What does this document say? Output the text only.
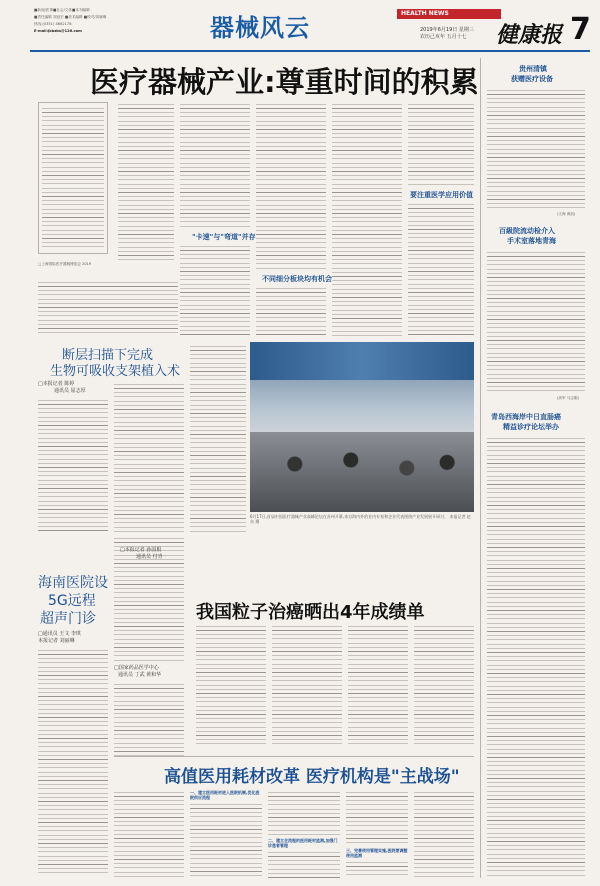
■新闻/医事■社会/文体■本刊编辑
■责任编辑 刘冠宏 ■美术编辑 ■校对/刘晓琳
热线:(0351) 4662178
E-mail:jkbzbs@126.com	器械风云	HEALTH NEWS
健康报 7
2019年6月19日 星期三
农历己亥年 五月十七
医疗器械产业:尊重时间的积累
□上海国际医疗器械博览会 2019
"卡速"与"弯道"并存
不同细分板块均有机会
要注重医学应用价值
贵州清镇
获赠医疗设备
(文海 黄凯)
百級院流动检介入
手术室落地青海
(高军 马志刚)
青岛西海岸中日直肠癌
精益诊疗论坛举办
断层扫描下完成
生物可吸收支架植入术
□本报记者 陈婷
通讯员 屈志厚
6月17日,首届中国医疗器械产业高峰论坛在苏州开幕,来自海内外的业内专家和企业代表围绕产业发展展开研讨。 本报记者 赵东 摄
海南医院设
5G远程
超声门诊
□通讯员 王文 李琪
本报记者 刘丽琳
□本报记者 孙国根
通讯员 付青
我国粒子治癌晒出4年成绩单
□国家药品医学中心
通讯员 丁武 黄和华
高值医用耗材改革 医疗机构是"主战场"
一、建立医用耗材进入医院机制,优化医院供应流程
二、建立全流程的医用耗材监测,加强门诊患者管理
三、完善使用管理实施,医院要调整使用监测
